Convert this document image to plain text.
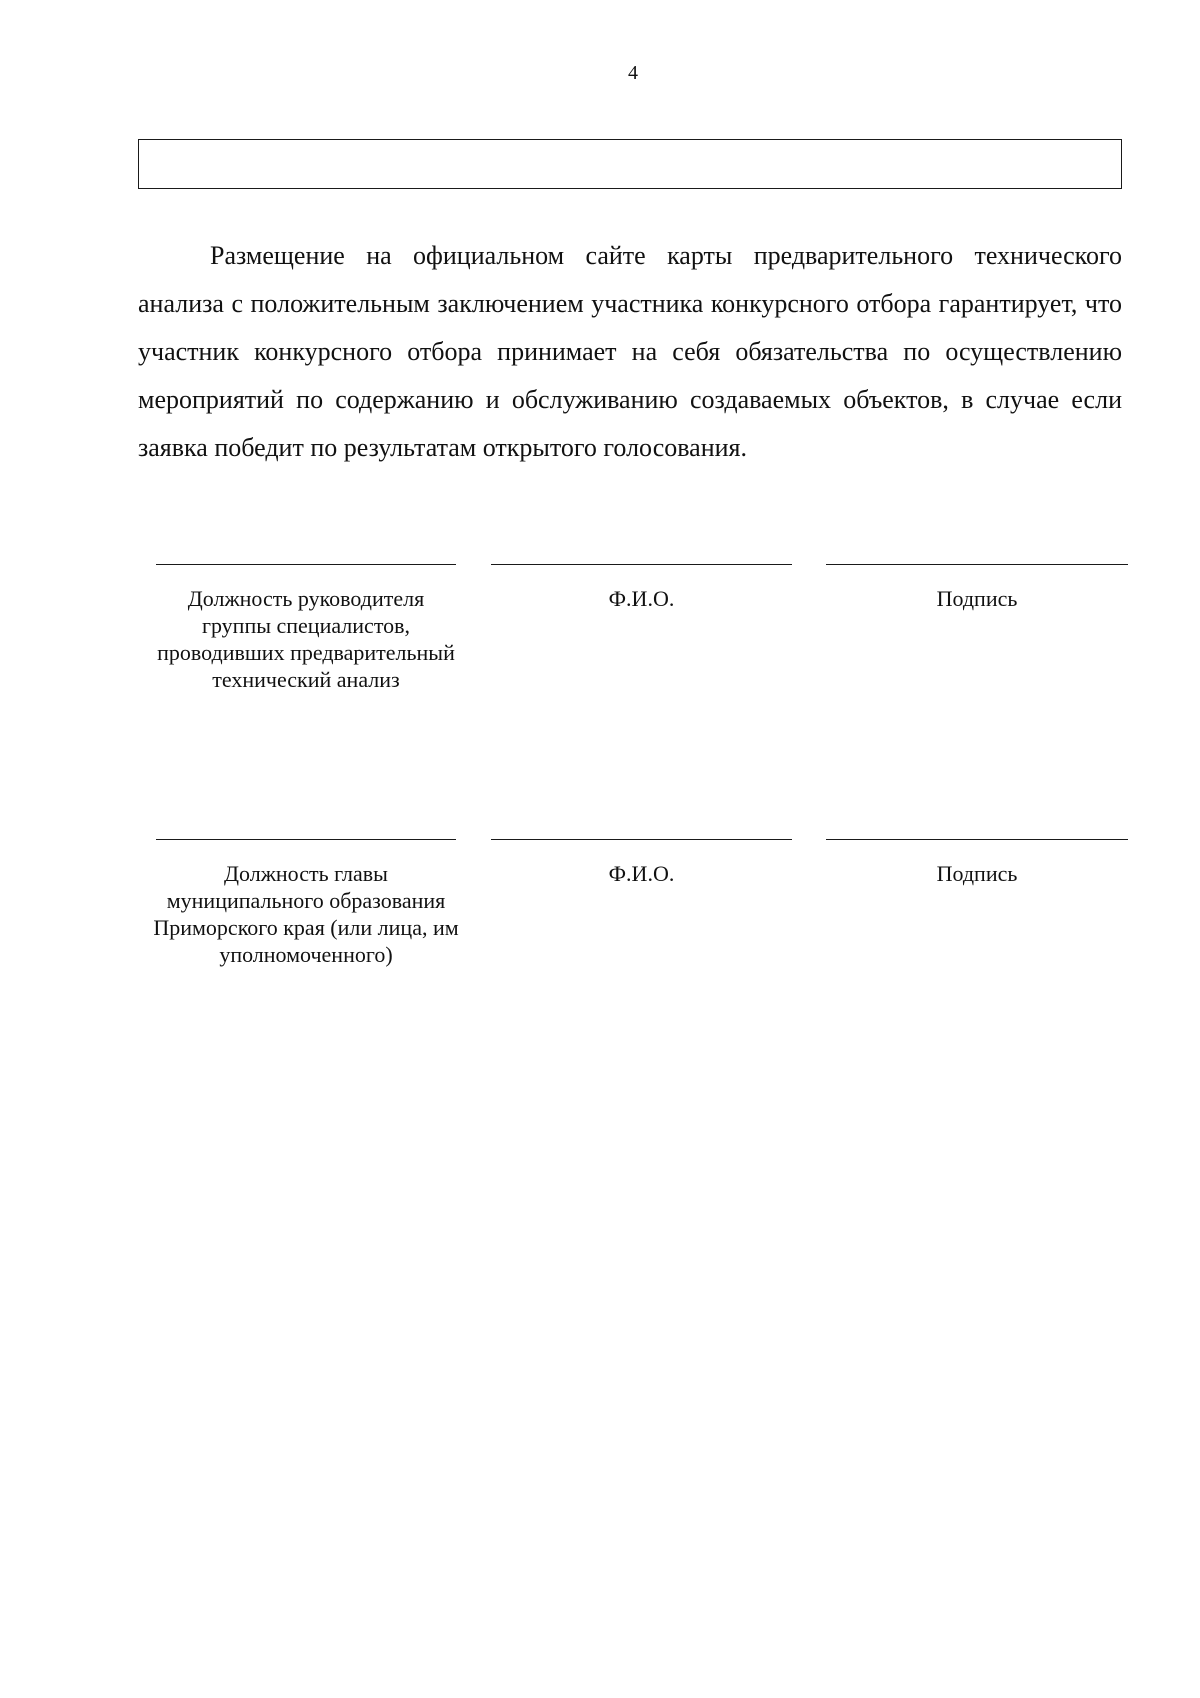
4

Размещение на официальном сайте карты предварительного технического анализа с положительным заключением участника конкурсного отбора гарантирует, что участник конкурсного отбора принимает на себя обязательства по осуществлению мероприятий по содержанию и обслуживанию создаваемых объектов, в случае если заявка победит по результатам открытого голосования.

Должность руководителя группы специалистов, проводивших предварительный технический анализ
Ф.И.О.	Подпись
Должность главы муниципального образования Приморского края (или лица, им уполномоченного)
Ф.И.О.	Подпись
